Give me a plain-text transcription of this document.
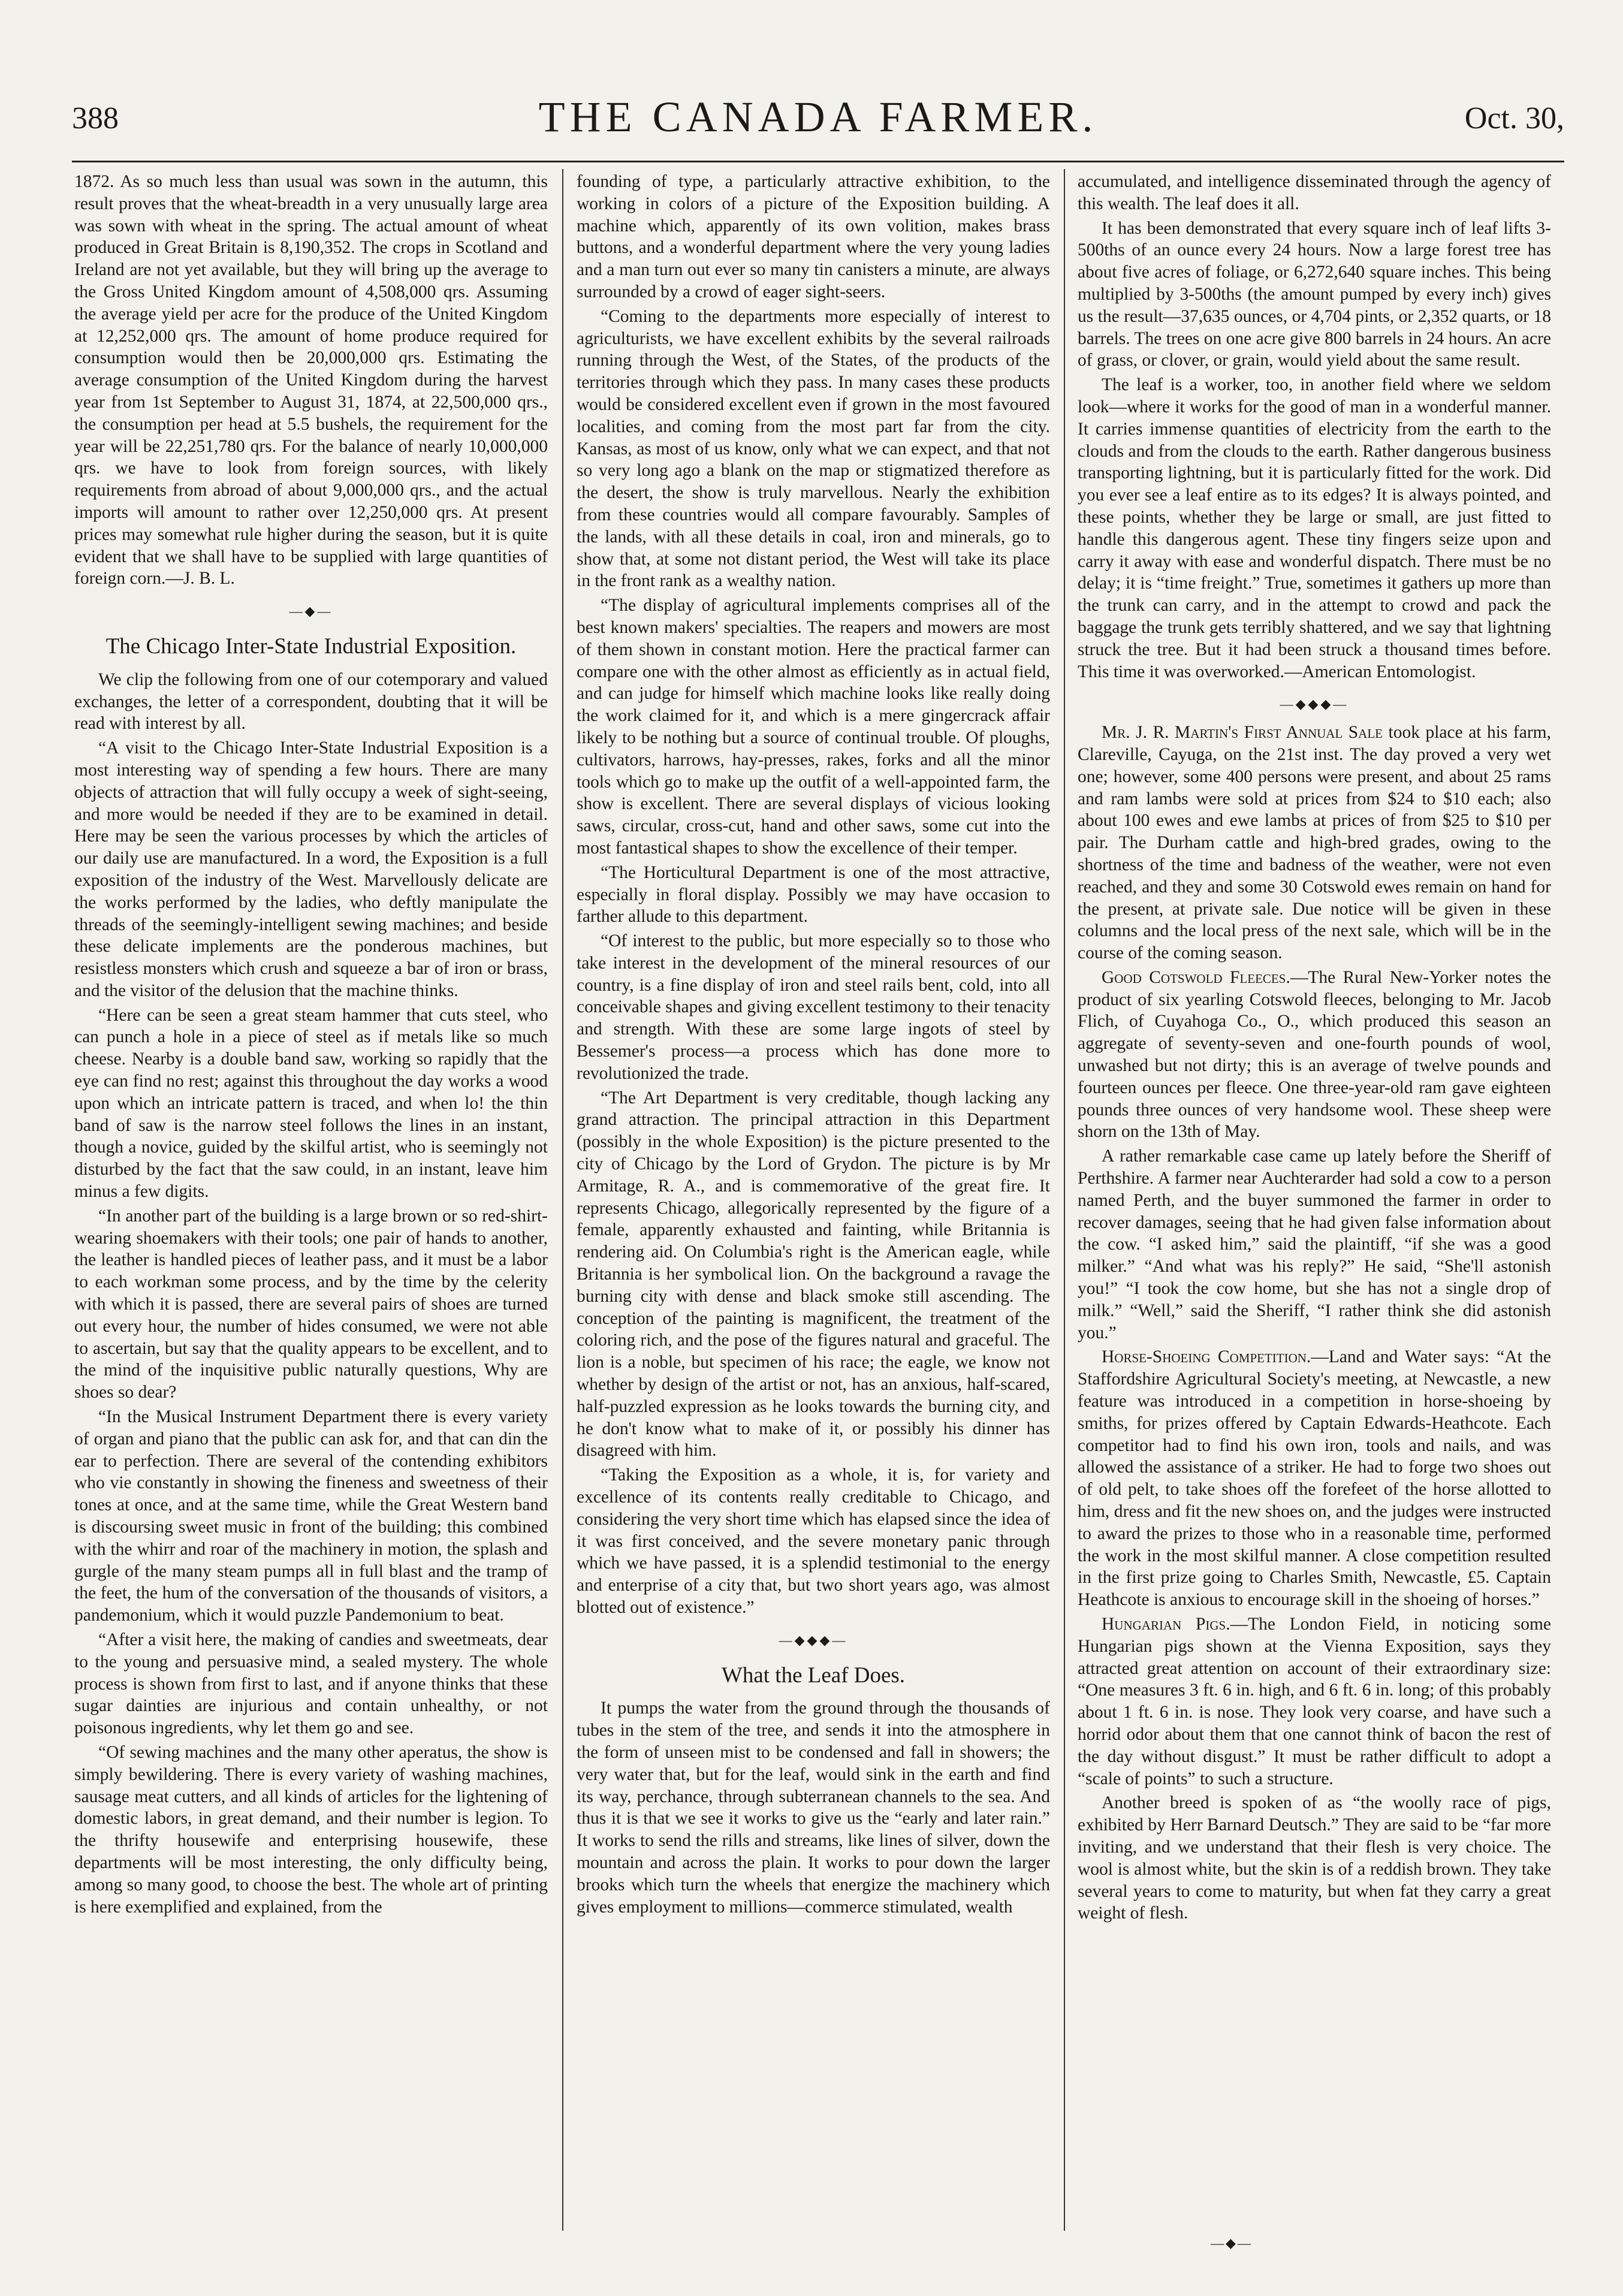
388	THE CANADA FARMER.	Oct. 30,

1872. As so much less than usual was sown in the autumn, this result proves that the wheat-breadth in a very unusually large area was sown with wheat in the spring. The actual amount of wheat produced in Great Britain is 8,190,352. The crops in Scotland and Ireland are not yet available, but they will bring up the average to the Gross United Kingdom amount of 4,508,000 qrs. Assuming the average yield per acre for the produce of the United Kingdom at 12,252,000 qrs. The amount of home produce required for consumption would then be 20,000,000 qrs. Estimating the average consumption of the United Kingdom during the harvest year from 1st September to August 31, 1874, at 22,500,000 qrs., the consumption per head at 5.5 bushels, the requirement for the year will be 22,251,780 qrs. For the balance of nearly 10,000,000 qrs. we have to look from foreign sources, with likely requirements from abroad of about 9,000,000 qrs., and the actual imports will amount to rather over 12,250,000 qrs. At present prices may somewhat rule higher during the season, but it is quite evident that we shall have to be supplied with large quantities of foreign corn.—J. B. L.

—◆—
The Chicago Inter-State Industrial Exposition.

We clip the following from one of our cotemporary and valued exchanges, the letter of a correspondent, doubting that it will be read with interest by all.

“A visit to the Chicago Inter-State Industrial Exposition is a most interesting way of spending a few hours. There are many objects of attraction that will fully occupy a week of sight-seeing, and more would be needed if they are to be examined in detail. Here may be seen the various processes by which the articles of our daily use are manufactured. In a word, the Exposition is a full exposition of the industry of the West. Marvellously delicate are the works performed by the ladies, who deftly manipulate the threads of the seemingly-intelligent sewing machines; and beside these delicate implements are the ponderous machines, but resistless monsters which crush and squeeze a bar of iron or brass, and the visitor of the delusion that the machine thinks.

“Here can be seen a great steam hammer that cuts steel, who can punch a hole in a piece of steel as if metals like so much cheese. Nearby is a double band saw, working so rapidly that the eye can find no rest; against this throughout the day works a wood upon which an intricate pattern is traced, and when lo! the thin band of saw is the narrow steel follows the lines in an instant, though a novice, guided by the skilful artist, who is seemingly not disturbed by the fact that the saw could, in an instant, leave him minus a few digits.

“In another part of the building is a large brown or so red-shirt-wearing shoemakers with their tools; one pair of hands to another, the leather is handled pieces of leather pass, and it must be a labor to each workman some process, and by the time by the celerity with which it is passed, there are several pairs of shoes are turned out every hour, the number of hides consumed, we were not able to ascertain, but say that the quality appears to be excellent, and to the mind of the inquisitive public naturally questions, Why are shoes so dear?

“In the Musical Instrument Department there is every variety of organ and piano that the public can ask for, and that can din the ear to perfection. There are several of the contending exhibitors who vie constantly in showing the fineness and sweetness of their tones at once, and at the same time, while the Great Western band is discoursing sweet music in front of the building; this combined with the whirr and roar of the machinery in motion, the splash and gurgle of the many steam pumps all in full blast and the tramp of the feet, the hum of the conversation of the thousands of visitors, a pandemonium, which it would puzzle Pandemonium to beat.

“After a visit here, the making of candies and sweetmeats, dear to the young and persuasive mind, a sealed mystery. The whole process is shown from first to last, and if anyone thinks that these sugar dainties are injurious and contain unhealthy, or not poisonous ingredients, why let them go and see.

“Of sewing machines and the many other aperatus, the show is simply bewildering. There is every variety of washing machines, sausage meat cutters, and all kinds of articles for the lightening of domestic labors, in great demand, and their number is legion. To the thrifty housewife and enterprising housewife, these departments will be most interesting, the only difficulty being, among so many good, to choose the best. The whole art of printing is here exemplified and explained, from the

founding of type, a particularly attractive exhibition, to the working in colors of a picture of the Exposition building. A machine which, apparently of its own volition, makes brass buttons, and a wonderful department where the very young ladies and a man turn out ever so many tin canisters a minute, are always surrounded by a crowd of eager sight-seers.

“Coming to the departments more especially of interest to agriculturists, we have excellent exhibits by the several railroads running through the West, of the States, of the products of the territories through which they pass. In many cases these products would be considered excellent even if grown in the most favoured localities, and coming from the most part far from the city. Kansas, as most of us know, only what we can expect, and that not so very long ago a blank on the map or stigmatized therefore as the desert, the show is truly marvellous. Nearly the exhibition from these countries would all compare favourably. Samples of the lands, with all these details in coal, iron and minerals, go to show that, at some not distant period, the West will take its place in the front rank as a wealthy nation.

“The display of agricultural implements comprises all of the best known makers' specialties. The reapers and mowers are most of them shown in constant motion. Here the practical farmer can compare one with the other almost as efficiently as in actual field, and can judge for himself which machine looks like really doing the work claimed for it, and which is a mere gingercrack affair likely to be nothing but a source of continual trouble. Of ploughs, cultivators, harrows, hay-presses, rakes, forks and all the minor tools which go to make up the outfit of a well-appointed farm, the show is excellent. There are several displays of vicious looking saws, circular, cross-cut, hand and other saws, some cut into the most fantastical shapes to show the excellence of their temper.

“The Horticultural Department is one of the most attractive, especially in floral display. Possibly we may have occasion to farther allude to this department.

“Of interest to the public, but more especially so to those who take interest in the development of the mineral resources of our country, is a fine display of iron and steel rails bent, cold, into all conceivable shapes and giving excellent testimony to their tenacity and strength. With these are some large ingots of steel by Bessemer's process—a process which has done more to revolutionized the trade.

“The Art Department is very creditable, though lacking any grand attraction. The principal attraction in this Department (possibly in the whole Exposition) is the picture presented to the city of Chicago by the Lord of Grydon. The picture is by Mr Armitage, R. A., and is commemorative of the great fire. It represents Chicago, allegorically represented by the figure of a female, apparently exhausted and fainting, while Britannia is rendering aid. On Columbia's right is the American eagle, while Britannia is her symbolical lion. On the background a ravage the burning city with dense and black smoke still ascending. The conception of the painting is magnificent, the treatment of the coloring rich, and the pose of the figures natural and graceful. The lion is a noble, but specimen of his race; the eagle, we know not whether by design of the artist or not, has an anxious, half-scared, half-puzzled expression as he looks towards the burning city, and he don't know what to make of it, or possibly his dinner has disagreed with him.

“Taking the Exposition as a whole, it is, for variety and excellence of its contents really creditable to Chicago, and considering the very short time which has elapsed since the idea of it was first conceived, and the severe monetary panic through which we have passed, it is a splendid testimonial to the energy and enterprise of a city that, but two short years ago, was almost blotted out of existence.”

—◆◆◆—
What the Leaf Does.

It pumps the water from the ground through the thousands of tubes in the stem of the tree, and sends it into the atmosphere in the form of unseen mist to be condensed and fall in showers; the very water that, but for the leaf, would sink in the earth and find its way, perchance, through subterranean channels to the sea. And thus it is that we see it works to give us the “early and later rain.” It works to send the rills and streams, like lines of silver, down the mountain and across the plain. It works to pour down the larger brooks which turn the wheels that energize the machinery which gives employment to millions—commerce stimulated, wealth

accumulated, and intelligence disseminated through the agency of this wealth. The leaf does it all.

It has been demonstrated that every square inch of leaf lifts 3-500ths of an ounce every 24 hours. Now a large forest tree has about five acres of foliage, or 6,272,640 square inches. This being multiplied by 3-500ths (the amount pumped by every inch) gives us the result—37,635 ounces, or 4,704 pints, or 2,352 quarts, or 18 barrels. The trees on one acre give 800 barrels in 24 hours. An acre of grass, or clover, or grain, would yield about the same result.

The leaf is a worker, too, in another field where we seldom look—where it works for the good of man in a wonderful manner. It carries immense quantities of electricity from the earth to the clouds and from the clouds to the earth. Rather dangerous business transporting lightning, but it is particularly fitted for the work. Did you ever see a leaf entire as to its edges? It is always pointed, and these points, whether they be large or small, are just fitted to handle this dangerous agent. These tiny fingers seize upon and carry it away with ease and wonderful dispatch. There must be no delay; it is “time freight.” True, sometimes it gathers up more than the trunk can carry, and in the attempt to crowd and pack the baggage the trunk gets terribly shattered, and we say that lightning struck the tree. But it had been struck a thousand times before. This time it was overworked.—American Entomologist.

—◆◆◆—

Mr. J. R. Martin's First Annual Sale took place at his farm, Clareville, Cayuga, on the 21st inst. The day proved a very wet one; however, some 400 persons were present, and about 25 rams and ram lambs were sold at prices from $24 to $10 each; also about 100 ewes and ewe lambs at prices of from $25 to $10 per pair. The Durham cattle and high-bred grades, owing to the shortness of the time and badness of the weather, were not even reached, and they and some 30 Cotswold ewes remain on hand for the present, at private sale. Due notice will be given in these columns and the local press of the next sale, which will be in the course of the coming season.

Good Cotswold Fleeces.—The Rural New-Yorker notes the product of six yearling Cotswold fleeces, belonging to Mr. Jacob Flich, of Cuyahoga Co., O., which produced this season an aggregate of seventy-seven and one-fourth pounds of wool, unwashed but not dirty; this is an average of twelve pounds and fourteen ounces per fleece. One three-year-old ram gave eighteen pounds three ounces of very handsome wool. These sheep were shorn on the 13th of May.

A rather remarkable case came up lately before the Sheriff of Perthshire. A farmer near Auchterarder had sold a cow to a person named Perth, and the buyer summoned the farmer in order to recover damages, seeing that he had given false information about the cow. “I asked him,” said the plaintiff, “if she was a good milker.” “And what was his reply?” He said, “She'll astonish you!” “I took the cow home, but she has not a single drop of milk.” “Well,” said the Sheriff, “I rather think she did astonish you.”

Horse-Shoeing Competition.—Land and Water says: “At the Staffordshire Agricultural Society's meeting, at Newcastle, a new feature was introduced in a competition in horse-shoeing by smiths, for prizes offered by Captain Edwards-Heathcote. Each competitor had to find his own iron, tools and nails, and was allowed the assistance of a striker. He had to forge two shoes out of old pelt, to take shoes off the forefeet of the horse allotted to him, dress and fit the new shoes on, and the judges were instructed to award the prizes to those who in a reasonable time, performed the work in the most skilful manner. A close competition resulted in the first prize going to Charles Smith, Newcastle, £5. Captain Heathcote is anxious to encourage skill in the shoeing of horses.”

Hungarian Pigs.—The London Field, in noticing some Hungarian pigs shown at the Vienna Exposition, says they attracted great attention on account of their extraordinary size: “One measures 3 ft. 6 in. high, and 6 ft. 6 in. long; of this probably about 1 ft. 6 in. is nose. They look very coarse, and have such a horrid odor about them that one cannot think of bacon the rest of the day without disgust.” It must be rather difficult to adopt a “scale of points” to such a structure.

Another breed is spoken of as “the woolly race of pigs, exhibited by Herr Barnard Deutsch.” They are said to be “far more inviting, and we understand that their flesh is very choice. The wool is almost white, but the skin is of a reddish brown. They take several years to come to maturity, but when fat they carry a great weight of flesh.

—◆—
